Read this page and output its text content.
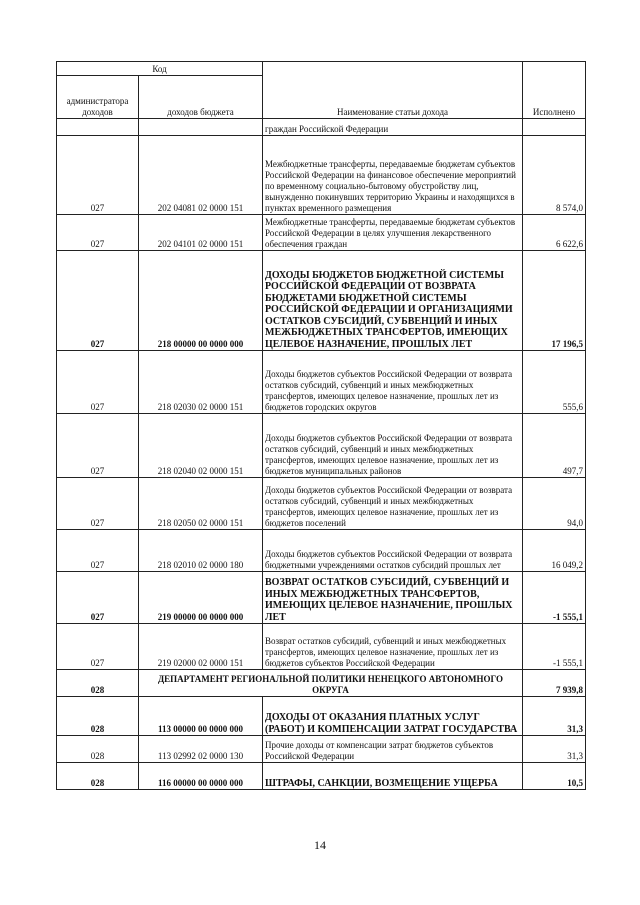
Код		Наименование статьи дохода	Исполнено
администратора доходов	доходов бюджета		
		граждан Российской Федерации	
027	202 04081 02 0000 151	Межбюджетные трансферты, передаваемые бюджетам субъектов Российской Федерации на финансовое обеспечение мероприятий по временному социально-бытовому обустройству лиц, вынужденно покинувших территорию Украины и находящихся в пунктах временного размещения	8 574,0
027	202 04101 02 0000 151	Межбюджетные трансферты, передаваемые бюджетам субъектов Российской Федерации в целях улучшения лекарственного обеспечения граждан	6 622,6
027	218 00000 00 0000 000	ДОХОДЫ БЮДЖЕТОВ БЮДЖЕТНОЙ СИСТЕМЫ РОССИЙСКОЙ ФЕДЕРАЦИИ ОТ ВОЗВРАТА БЮДЖЕТАМИ БЮДЖЕТНОЙ СИСТЕМЫ РОССИЙСКОЙ ФЕДЕРАЦИИ И ОРГАНИЗАЦИЯМИ ОСТАТКОВ СУБСИДИЙ, СУБВЕНЦИЙ И ИНЫХ МЕЖБЮДЖЕТНЫХ ТРАНСФЕРТОВ, ИМЕЮЩИХ ЦЕЛЕВОЕ НАЗНАЧЕНИЕ, ПРОШЛЫХ ЛЕТ	17 196,5
027	218 02030 02 0000 151	Доходы бюджетов субъектов Российской Федерации от возврата остатков субсидий, субвенций и иных межбюджетных трансфертов, имеющих целевое назначение, прошлых лет из бюджетов городских округов	555,6
027	218 02040 02 0000 151	Доходы бюджетов субъектов Российской Федерации от возврата остатков субсидий, субвенций и иных межбюджетных трансфертов, имеющих целевое назначение, прошлых лет из бюджетов муниципальных районов	497,7
027	218 02050 02 0000 151	Доходы бюджетов субъектов Российской Федерации от возврата остатков субсидий, субвенций и иных межбюджетных трансфертов, имеющих целевое назначение, прошлых лет из бюджетов поселений	94,0
027	218 02010 02 0000 180	Доходы бюджетов субъектов Российской Федерации от возврата бюджетными учреждениями остатков субсидий прошлых лет	16 049,2
027	219 00000 00 0000 000	ВОЗВРАТ ОСТАТКОВ СУБСИДИЙ, СУБВЕНЦИЙ И ИНЫХ МЕЖБЮДЖЕТНЫХ ТРАНСФЕРТОВ, ИМЕЮЩИХ ЦЕЛЕВОЕ НАЗНАЧЕНИЕ, ПРОШЛЫХ ЛЕТ	-1 555,1
027	219 02000 02 0000 151	Возврат остатков субсидий, субвенций и иных межбюджетных трансфертов, имеющих целевое назначение, прошлых лет из бюджетов субъектов Российской Федерации	-1 555,1
028	ДЕПАРТАМЕНТ РЕГИОНАЛЬНОЙ ПОЛИТИКИ НЕНЕЦКОГО АВТОНОМНОГО ОКРУГА		7 939,8
028	113 00000 00 0000 000	ДОХОДЫ ОТ ОКАЗАНИЯ ПЛАТНЫХ УСЛУГ (РАБОТ) И КОМПЕНСАЦИИ ЗАТРАТ ГОСУДАРСТВА	31,3
028	113 02992 02 0000 130	Прочие доходы от компенсации затрат бюджетов субъектов Российской Федерации	31,3
028	116 00000 00 0000 000	ШТРАФЫ, САНКЦИИ, ВОЗМЕЩЕНИЕ УЩЕРБА	10,5
14
